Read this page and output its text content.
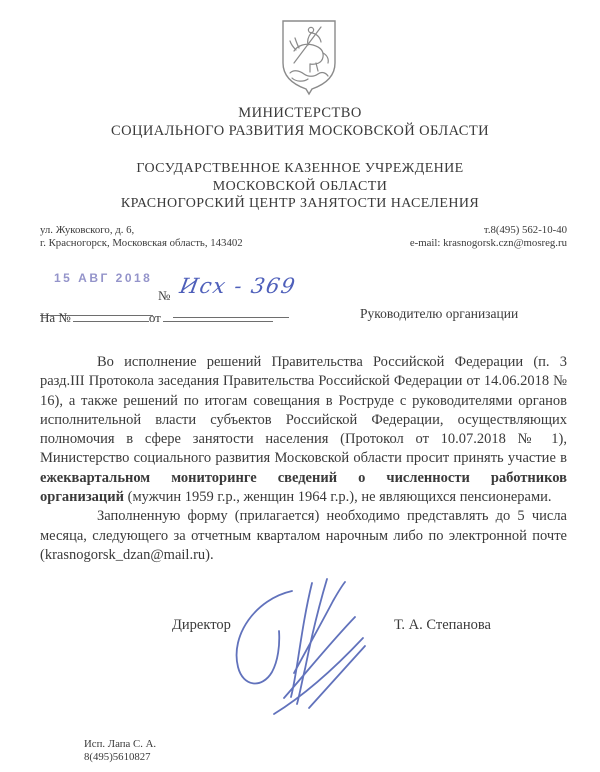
МИНИСТЕРСТВО
СОЦИАЛЬНОГО РАЗВИТИЯ МОСКОВСКОЙ ОБЛАСТИ
ГОСУДАРСТВЕННОЕ КАЗЕННОЕ УЧРЕЖДЕНИЕ
МОСКОВСКОЙ ОБЛАСТИ
КРАСНОГОРСКИЙ ЦЕНТР ЗАНЯТОСТИ НАСЕЛЕНИЯ
ул. Жуковского, д. 6,
г. Красногорск, Московская область, 143402
т.8(495) 562-10-40
e-mail: krasnogorsk.czn@mosreg.ru
15 АВГ 2018
№ Исх - 369
На №	от	Руководителю организации

Во исполнение решений Правительства Российской Федерации (п. 3 разд.III Протокола заседания Правительства Российской Федерации от 14.06.2018 № 16), а также решений по итогам совещания в Роструде с руководителями органов исполнительной власти субъектов Российской Федерации, осуществляющих полномочия в сфере занятости населения (Протокол от 10.07.2018 № 1), Министерство социального развития Московской области просит принять участие в ежеквартальном мониторинге сведений о численности работников организаций (мужчин 1959 г.р., женщин 1964 г.р.), не являющихся пенсионерами.

Заполненную форму (прилагается) необходимо представлять до 5 числа месяца, следующего за отчетным кварталом нарочным либо по электронной почте (krasnogorsk_dzan@mail.ru).

Директор	Т. А. Степанова
Исп. Лапа С. А.
8(495)5610827
